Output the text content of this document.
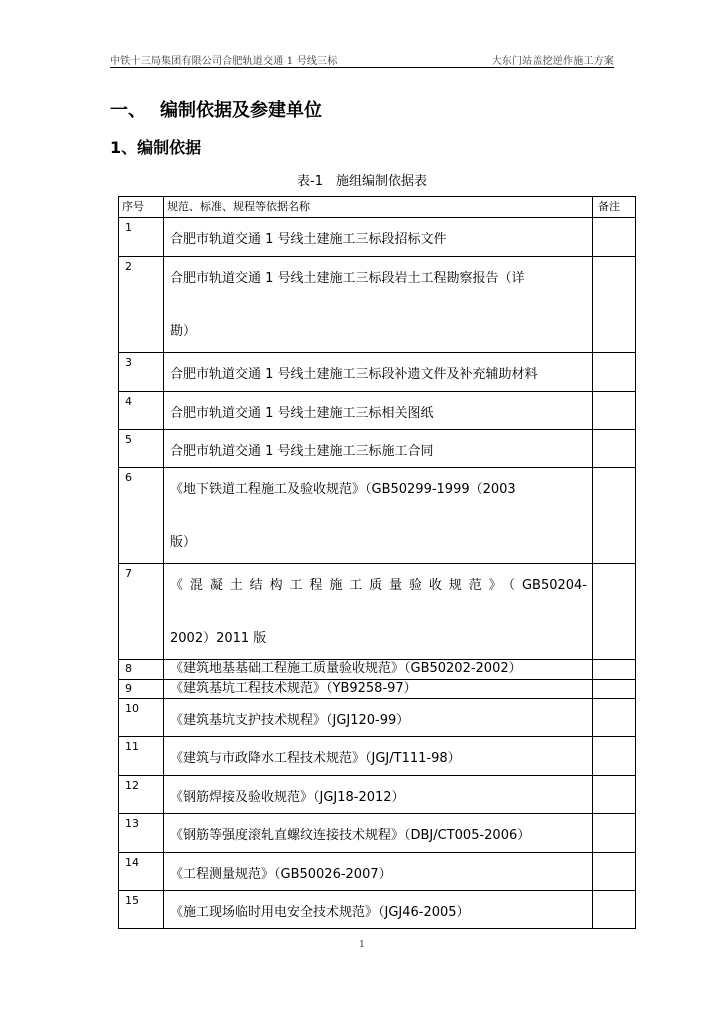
中铁十三局集团有限公司合肥轨道交通 1 号线三标	大东门站盖挖逆作施工方案
一、 编制依据及参建单位
1、编制依据
表-1　施组编制依据表
序号	规范、标准、规程等依据名称	备注
1	合肥市轨道交通 1 号线土建施工三标段招标文件	

2	合肥市轨道交通 1 号线土建施工三标段岩土工程勘察报告（详
勘）	

3	合肥市轨道交通 1 号线土建施工三标段补遗文件及补充辅助材料	

4	合肥市轨道交通 1 号线土建施工三标相关图纸	

5	合肥市轨道交通 1 号线土建施工三标施工合同	

6	《地下铁道工程施工及验收规范》（GB50299-1999（2003
版）	

7	《混凝土结构工程施工质量验收规范》（GB50204-
2002）2011 版	

8	《建筑地基基础工程施工质量验收规范》（GB50202-2002）	

9	《建筑基坑工程技术规范》（YB9258-97）	

10	《建筑基坑支护技术规程》（JGJ120-99）	

11	《建筑与市政降水工程技术规范》（JGJ/T111-98）	

12	《钢筋焊接及验收规范》（JGJ18-2012）	

13	《钢筋等强度滚轧直螺纹连接技术规程》（DBJ/CT005-2006）	

14	《工程测量规范》（GB50026-2007）	

15	《施工现场临时用电安全技术规范》（JGJ46-2005）	

1
